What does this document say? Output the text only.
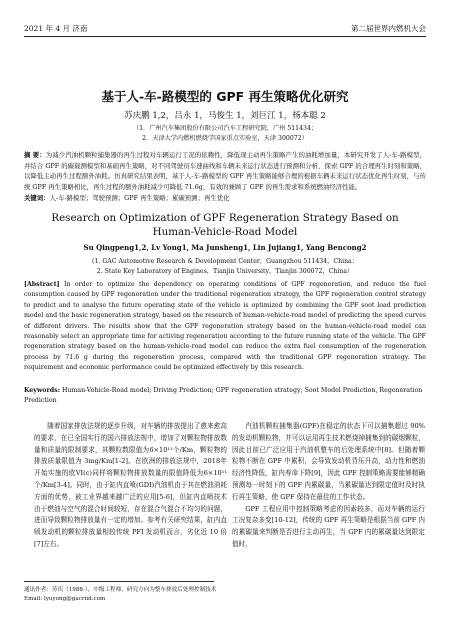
2021 年 4 月 济南	第二届世界内燃机大会
基于人-车-路模型的 GPF 再生策略优化研究
苏庆鹏 1,2，吕永 1，马俊生 1，刘巨江 1，杨本聪 2
（1．广州汽车集团股份有限公司汽车工程研究院，广州 511434；
2．天津大学内燃机燃烧学国家重点实验室，天津 300072）
摘 要：为减少汽油机颗粒捕集器的再生过程对车辆运行工况的依赖性，降低现主动再生策略产生的油耗增加量，本研究开发了人-车-路模型，并结合 GPF 的碳载测模型和基础再生策略，对不同驾驶员车速曲线和车辆未来运行状态进行预测和分析，探索 GPF 的合理再生时刻和策略，以降低主动再生过程额外油耗。仿真研究结果表明，基于人-车-路模型的 GPF 再生策略能够合理的根据车辆未来运行状态优化再生时刻，与传统 GPF 再生策略相比，再生过程的额外油耗减少可降低 71.6g，有效的兼顾了 GPF 的再生需求和系统燃油经济性能。
关键词：人-车-路模型；驾驶预测；GPF 再生策略；累碳预测；再生优化
Research on Optimization of GPF Regeneration Strategy Based on Human-Vehicle-Road Model
Su Qingpeng1,2, Lv Yong1, Ma Junsheng1, Lin Jujiang1, Yang Bencong2
(1. GAC Automotive Research & Development Center，Guangzhou 511434，China；
2. State Key Laboratory of Engines，Tianjin University，Tianjin 300072，China）
[Abstract] In order to optimize the dependency on operating conditions of GPF regeneration, and reduce the fuel consumption caused by GPF regeneration under the traditional regeneration strategy, the GPF regeneration control strategy to predict and to analyse the future operating state of the vehicle is optimized by combining the GPF soot load prediction model and the basic regeneration strategy, based on the research of human-vehicle-road model of predicting the speed curves of different drivers. The results show that the GPF regeneration strategy based on the human-vehicle-road model can reasonably select an appropriate time for activing regeneration according to the future running state of the vehicle. The GPF regeneration strategy based on the human-vehicle-road model can reduce the extra fuel consumption of the regeneration process by 71.6 g during the regeneration process, compared with the traditional GPF regeneration strategy. The requirement and economic performance could be optimized effectively by this research.
Keywords: Human-Vehicle-Road model; Driving Prediction; GPF regeneration strategy; Soot Model Prediction, Regeneration Prediction
随着国家排放法规的逐步升级，对车辆的排放提出了愈来愈高的要求，在已全国实行的国六排放法规中，增加了对颗粒物排放数量和质量的限制要求，其颗粒数限值为6×10¹¹个/Km，颗粒物的排放质量限值为 3mg/Km[1-2]。在欧洲的排放法规中，2018年开始实施的欧VI(c)同样将颗粒物排放数量的限值降低为6×10¹¹个/Km[3-4]。同时，由于缸内直喷(GDI)汽油机由于其在燃油消耗方面的优势，被工业界越来越广泛的应用[5-6]，但缸内直喷技术由于燃油与空气的混合时间较短，存在混合气混合不均匀的问题，进而导致颗粒物排放量有一定的增加。参考有关研究结果，缸内直喷发动机的颗粒排放量相较传统 PFI 发动机而言，劣化近 10 倍[7]左右。
汽油机颗粒捕集器(GPF)在稳定的状态下可以捕集超过 90%的发动机颗粒物，并可以运用再生技术燃烧掉捕集到的碳烟颗粒，因此目前已广泛应用于汽油机整车的后处理系统中[8]。但随着颗粒物不断在 GPF 中累积，会导致发动机背压升高，动力性和燃油经济性降低，缸内寿命下降[9]，因此 GPF 控制策略需要能够精确预测每一时刻下的 GPF 内累碳量，当累碳量达到限定值时及时执行再生策略，使 GPF 保持在最佳的工作状态。
GPF 工程应用中控制策略考虑的因素较多，而对车辆的运行工况复杂多变[10-12]，传统的 GPF 再生策略是根据当前 GPF 内的累碳量来判断是否进行主动再生，当 GPF 内的累碳量达到限定值时，
通讯作者：苏庆（1988-），中级工程师，研究方向为整车排放后处理控制技术
Email: lyuyong@gacrnd.com
